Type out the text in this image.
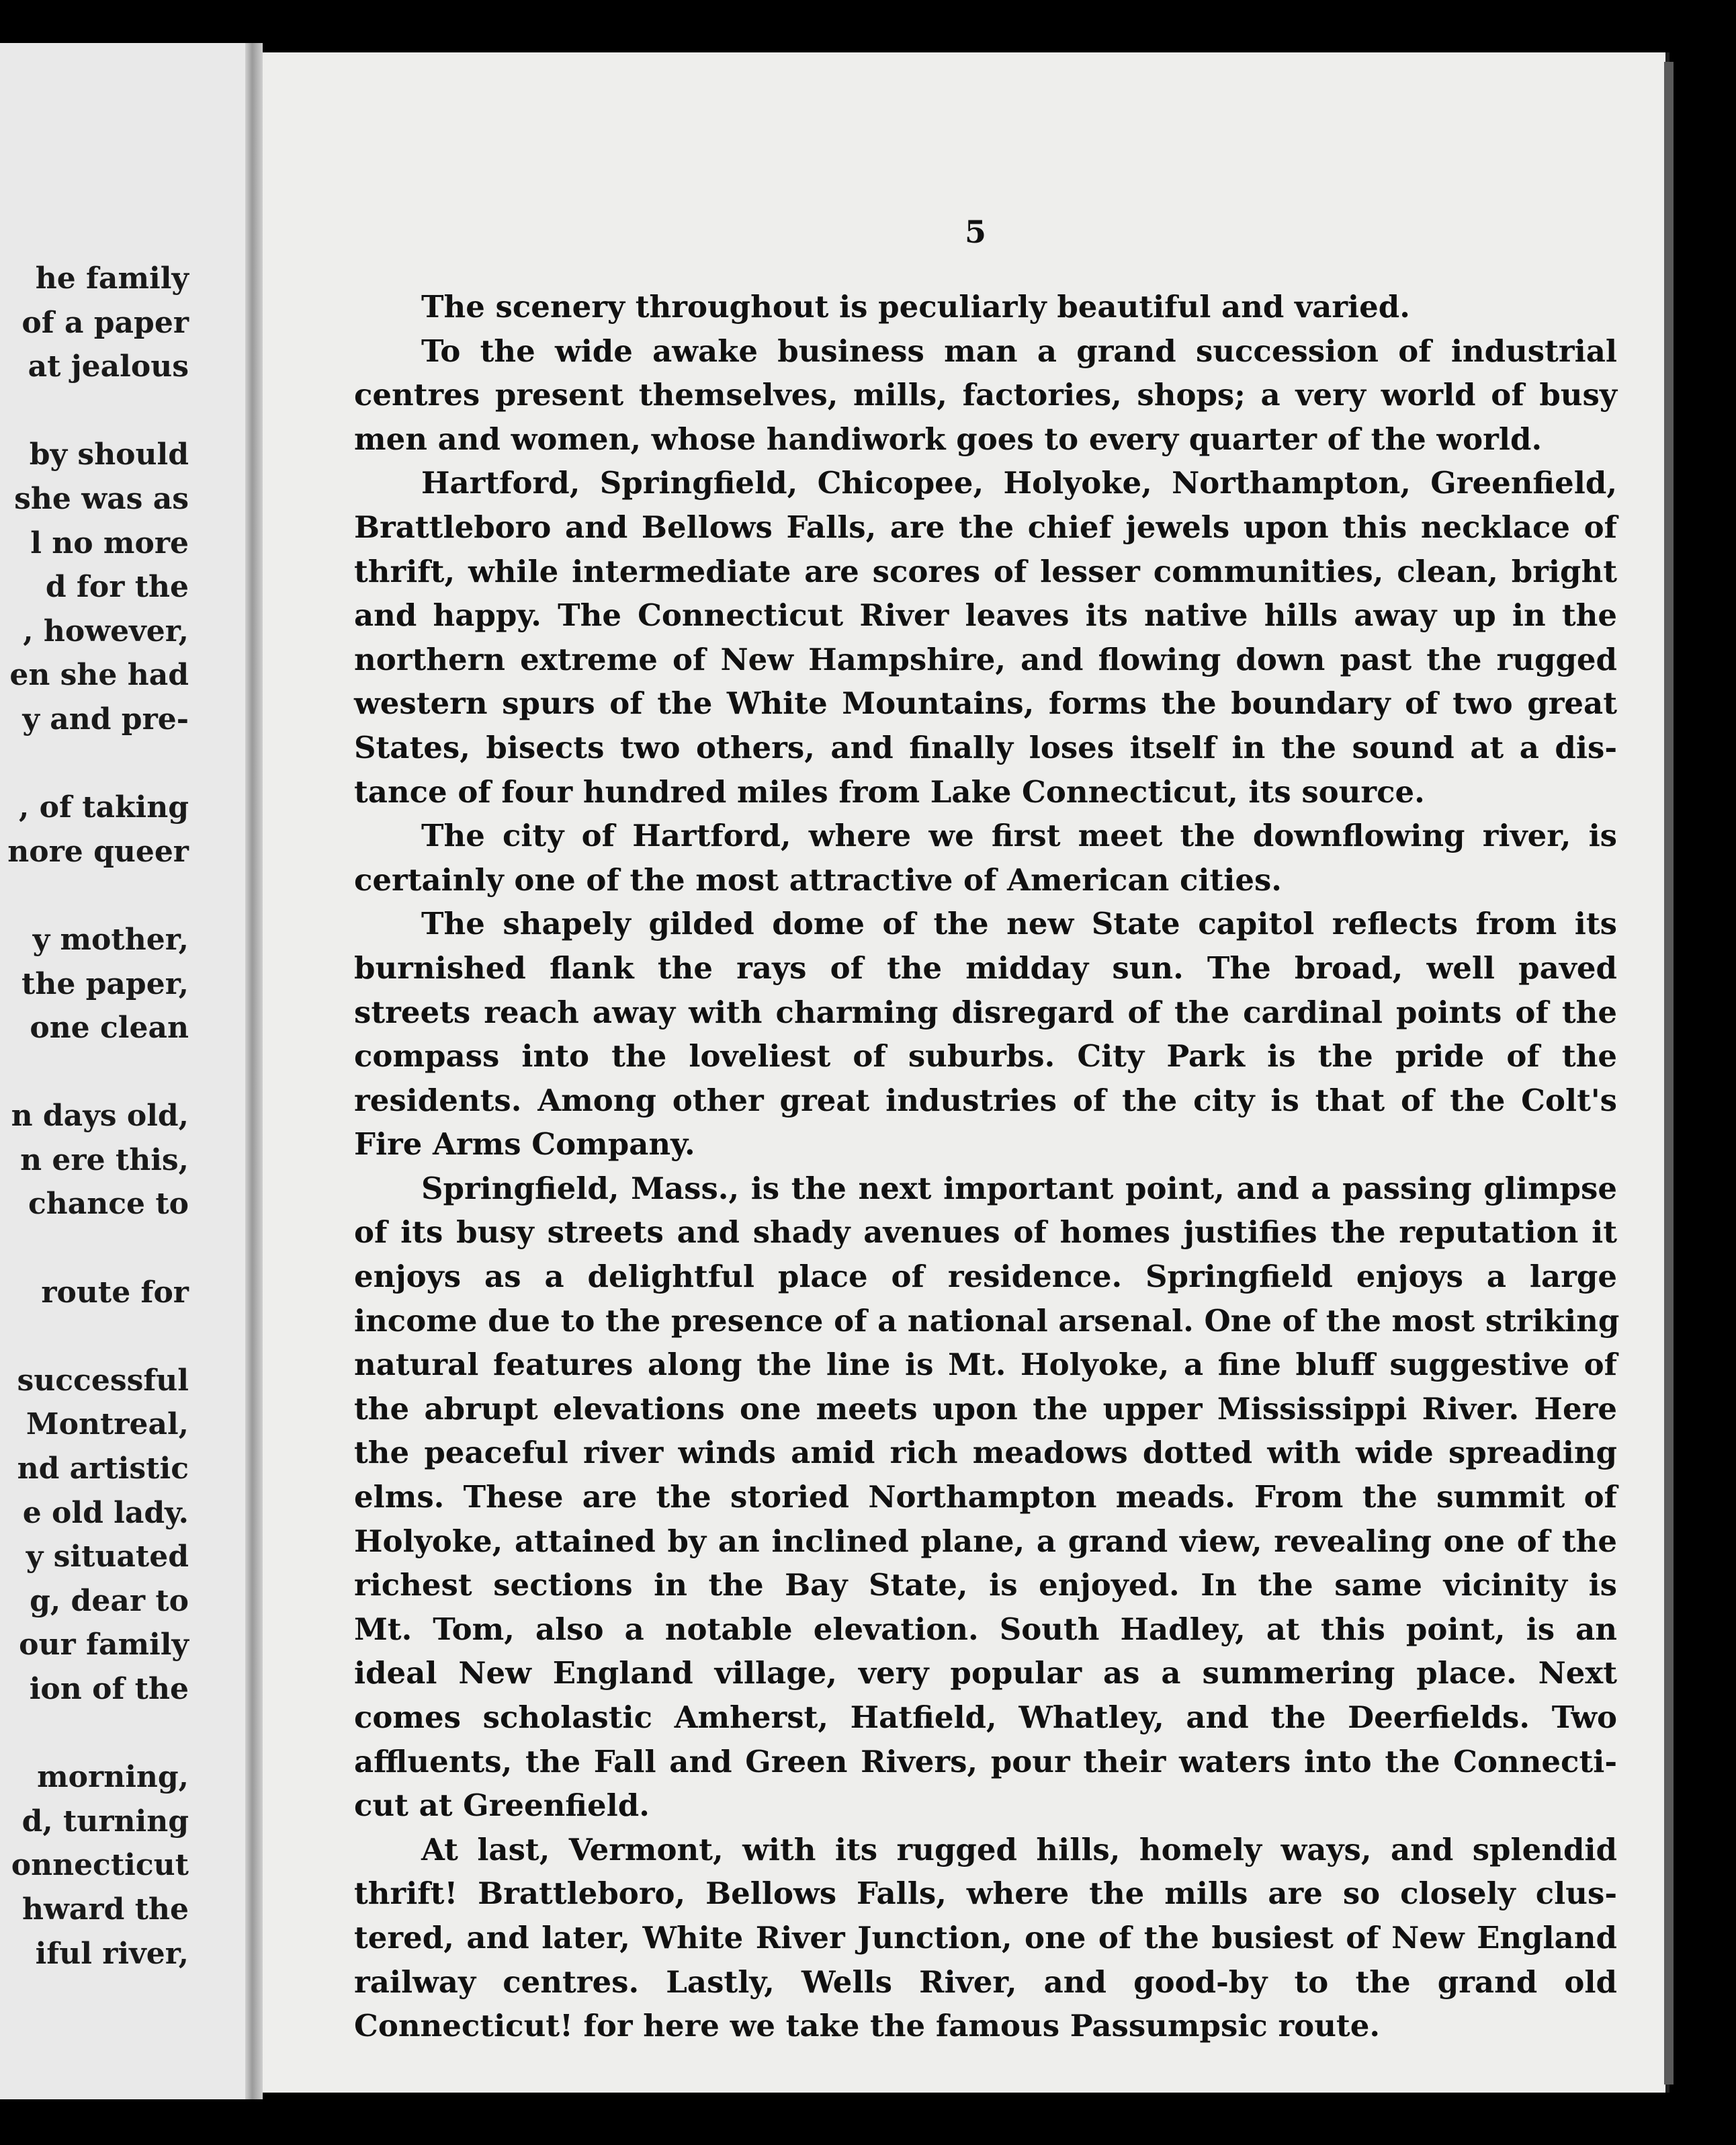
he family
of a paper
at jealous
by should
she was as
l no more
d for the
, however,
en she had
y and pre-
, of taking
nore queer
y mother,
the paper,
one clean
n days old,
n ere this,
chance to
route for
successful
Montreal,
nd artistic
e old lady.
y situated
g, dear to
our family
ion of the
morning,
d, turning
onnecticut
hward the
iful river,
5
The scenery throughout is peculiarly beautiful and varied.
To the wide awake business man a grand succession of industrial
centres present themselves, mills, factories, shops; a very world of busy
men and women, whose handiwork goes to every quarter of the world.
Hartford, Springfield, Chicopee, Holyoke, Northampton, Greenfield,
Brattleboro and Bellows Falls, are the chief jewels upon this necklace of
thrift, while intermediate are scores of lesser communities, clean, bright
and happy. The Connecticut River leaves its native hills away up in the
northern extreme of New Hampshire, and flowing down past the rugged
western spurs of the White Mountains, forms the boundary of two great
States, bisects two others, and finally loses itself in the sound at a dis-
tance of four hundred miles from Lake Connecticut, its source.
The city of Hartford, where we first meet the downflowing river, is
certainly one of the most attractive of American cities.
The shapely gilded dome of the new State capitol reflects from its
burnished flank the rays of the midday sun. The broad, well paved
streets reach away with charming disregard of the cardinal points of the
compass into the loveliest of suburbs. City Park is the pride of the
residents. Among other great industries of the city is that of the Colt's
Fire Arms Company.
Springfield, Mass., is the next important point, and a passing glimpse
of its busy streets and shady avenues of homes justifies the reputation it
enjoys as a delightful place of residence. Springfield enjoys a large
income due to the presence of a national arsenal. One of the most striking
natural features along the line is Mt. Holyoke, a fine bluff suggestive of
the abrupt elevations one meets upon the upper Mississippi River. Here
the peaceful river winds amid rich meadows dotted with wide spreading
elms. These are the storied Northampton meads. From the summit of
Holyoke, attained by an inclined plane, a grand view, revealing one of the
richest sections in the Bay State, is enjoyed. In the same vicinity is
Mt. Tom, also a notable elevation. South Hadley, at this point, is an
ideal New England village, very popular as a summering place. Next
comes scholastic Amherst, Hatfield, Whatley, and the Deerfields. Two
affluents, the Fall and Green Rivers, pour their waters into the Connecti-
cut at Greenfield.
At last, Vermont, with its rugged hills, homely ways, and splendid
thrift! Brattleboro, Bellows Falls, where the mills are so closely clus-
tered, and later, White River Junction, one of the busiest of New England
railway centres. Lastly, Wells River, and good-by to the grand old
Connecticut! for here we take the famous Passumpsic route.
